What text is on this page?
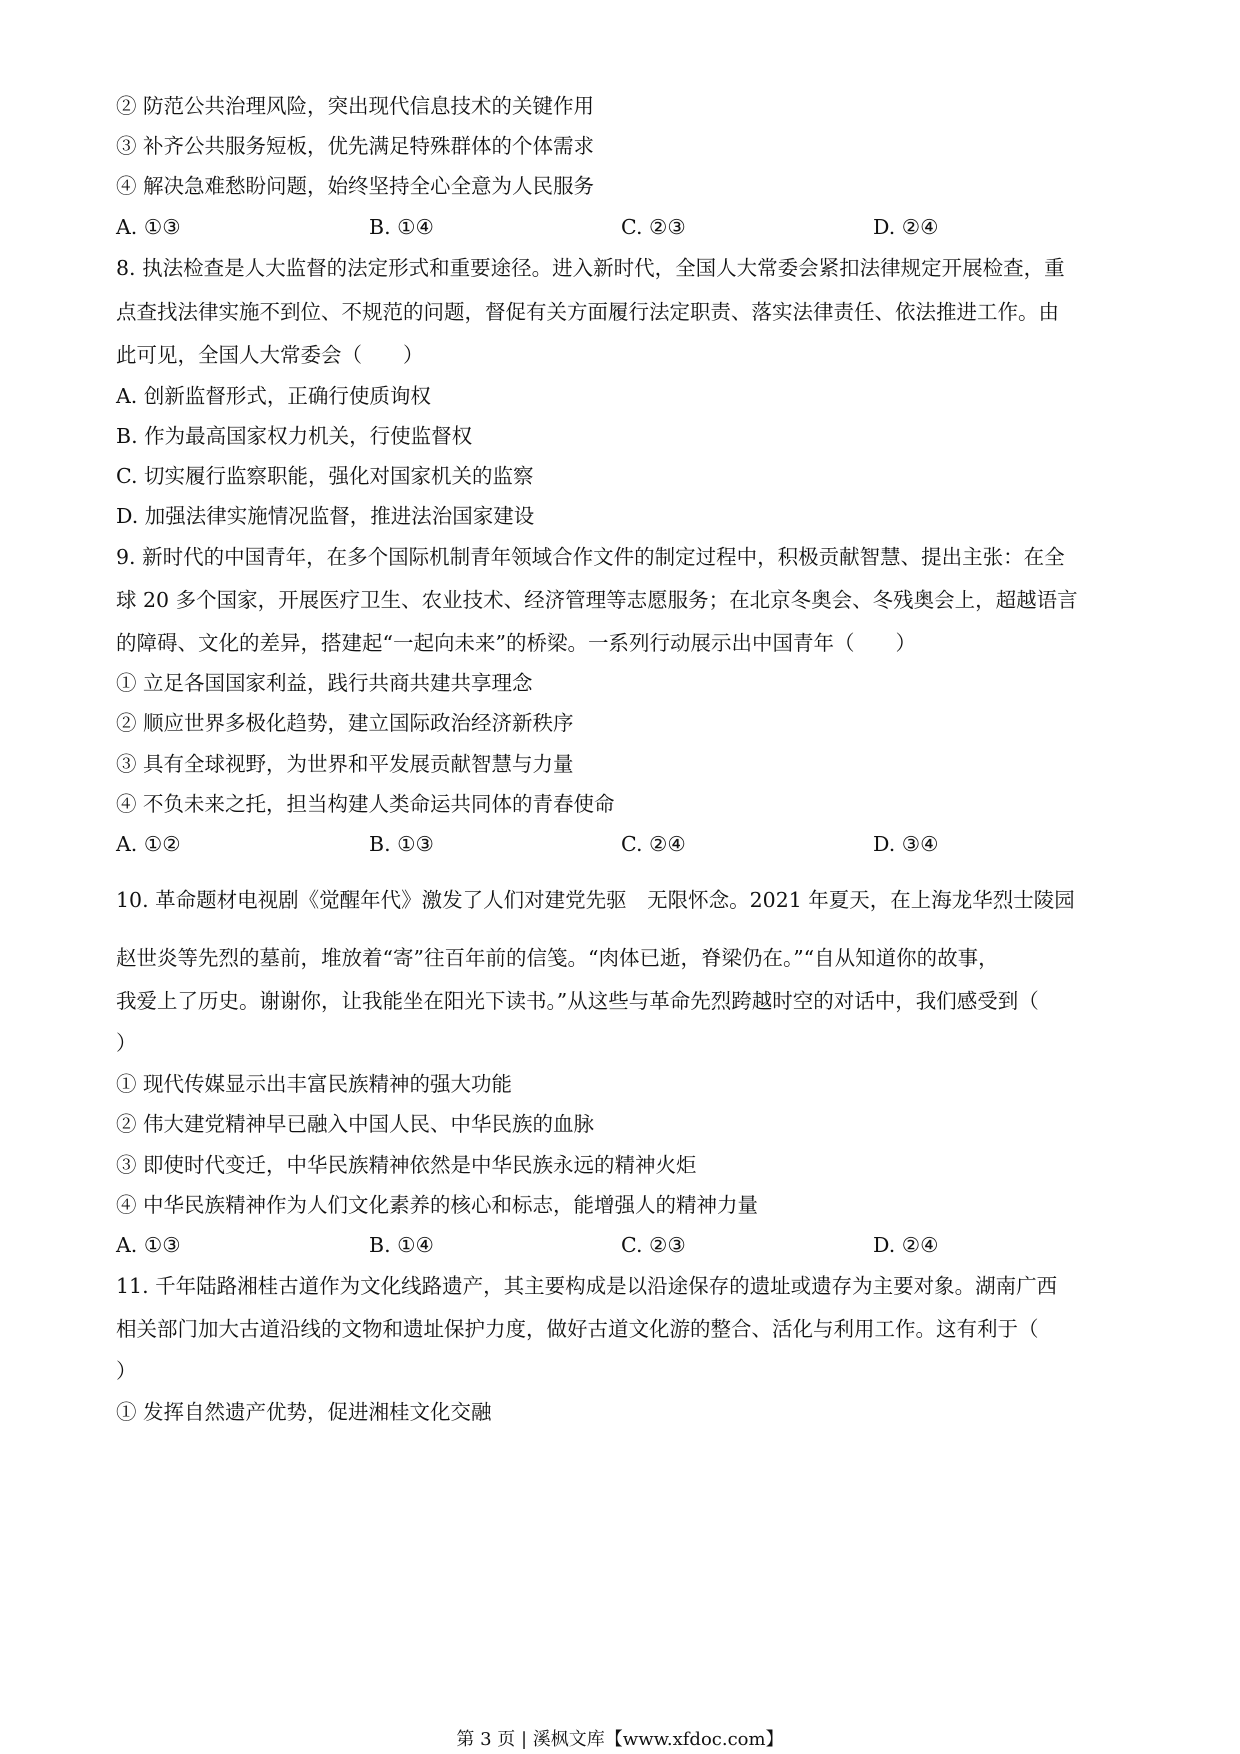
② 防范公共治理风险，突出现代信息技术的关键作用
③ 补齐公共服务短板，优先满足特殊群体的个体需求
④ 解决急难愁盼问题，始终坚持全心全意为人民服务
A. ①③	B. ①④	C. ②③	D. ②④
8. 执法检查是人大监督的法定形式和重要途径。进入新时代，全国人大常委会紧扣法律规定开展检查，重
点查找法律实施不到位、不规范的问题，督促有关方面履行法定职责、落实法律责任、依法推进工作。由
此可见，全国人大常委会（　　）
A. 创新监督形式，正确行使质询权
B. 作为最高国家权力机关，行使监督权
C. 切实履行监察职能，强化对国家机关的监察
D. 加强法律实施情况监督，推进法治国家建设
9. 新时代的中国青年，在多个国际机制青年领域合作文件的制定过程中，积极贡献智慧、提出主张：在全
球 20 多个国家，开展医疗卫生、农业技术、经济管理等志愿服务；在北京冬奥会、冬残奥会上，超越语言
的障碍、文化的差异，搭建起“一起向未来”的桥梁。一系列行动展示出中国青年（　　）
① 立足各国国家利益，践行共商共建共享理念
② 顺应世界多极化趋势，建立国际政治经济新秩序
③ 具有全球视野，为世界和平发展贡献智慧与力量
④ 不负未来之托，担当构建人类命运共同体的青春使命
A. ①②	B. ①③	C. ②④	D. ③④
10. 革命题材电视剧《觉醒年代》激发了人们对建党先驱　无限怀念。2021 年夏天，在上海龙华烈士陵园
赵世炎等先烈的墓前，堆放着“寄”往百年前的信笺。“肉体已逝，脊梁仍在。”“自从知道你的故事，
我爱上了历史。谢谢你，让我能坐在阳光下读书。”从这些与革命先烈跨越时空的对话中，我们感受到（
）
① 现代传媒显示出丰富民族精神的强大功能
② 伟大建党精神早已融入中国人民、中华民族的血脉
③ 即使时代变迁，中华民族精神依然是中华民族永远的精神火炬
④ 中华民族精神作为人们文化素养的核心和标志，能增强人的精神力量
A. ①③	B. ①④	C. ②③	D. ②④
11. 千年陆路湘桂古道作为文化线路遗产，其主要构成是以沿途保存的遗址或遗存为主要对象。湖南广西
相关部门加大古道沿线的文物和遗址保护力度，做好古道文化游的整合、活化与利用工作。这有利于（
）
① 发挥自然遗产优势，促进湘桂文化交融
第 3 页 | 溪枫文库【www.xfdoc.com】
